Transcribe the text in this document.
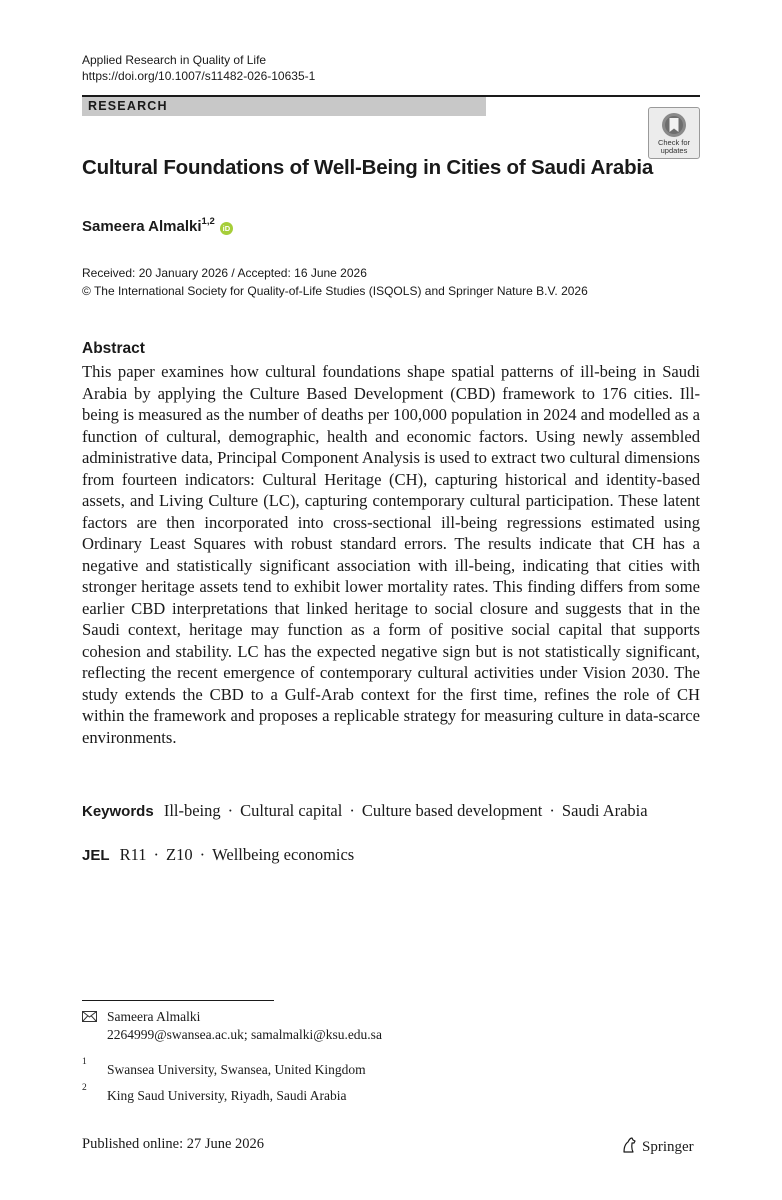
Applied Research in Quality of Life
https://doi.org/10.1007/s11482-026-10635-1
RESEARCH
Check for
updates
Cultural Foundations of Well-Being in Cities of Saudi Arabia
Sameera Almalki$^{1,2}$ iD
Received: 20 January 2026 / Accepted: 16 June 2026
© The International Society for Quality-of-Life Studies (ISQOLS) and Springer Nature B.V. 2026
Abstract

This paper examines how cultural foundations shape spatial patterns of ill-being in Saudi Arabia by applying the Culture Based Development (CBD) framework to 176 cities. Ill-being is measured as the number of deaths per 100,000 population in 2024 and modelled as a function of cultural, demographic, health and economic factors. Using newly assembled administrative data, Principal Component Analysis is used to extract two cultural dimensions from fourteen indicators: Cultural Heritage (CH), capturing historical and identity-based assets, and Living Culture (LC), capturing contemporary cultural participation. These latent factors are then incorporated into cross-sectional ill-being regressions estimated using Ordinary Least Squares with robust standard errors. The results indicate that CH has a negative and statistically significant association with ill-being, indicating that cities with stronger heritage assets tend to exhibit lower mortality rates. This finding differs from some earlier CBD interpretations that linked heritage to social closure and suggests that in the Saudi context, heritage may function as a form of positive social capital that supports cohesion and stability. LC has the expected negative sign but is not statistically significant, reflecting the recent emergence of contemporary cultural activities under Vision 2030. The study extends the CBD to a Gulf-Arab context for the first time, refines the role of CH within the framework and proposes a replicable strategy for measuring culture in data-scarce environments.

Keywords Ill-being · Cultural capital · Culture based development · Saudi Arabia
JEL R11 · Z10 · Wellbeing economics
Sameera Almalki
2264999@swansea.ac.uk; samalmalki@ksu.edu.sa
1 Swansea University, Swansea, United Kingdom
2 King Saud University, Riyadh, Saudi Arabia
Published online: 27 June 2026	Springer
